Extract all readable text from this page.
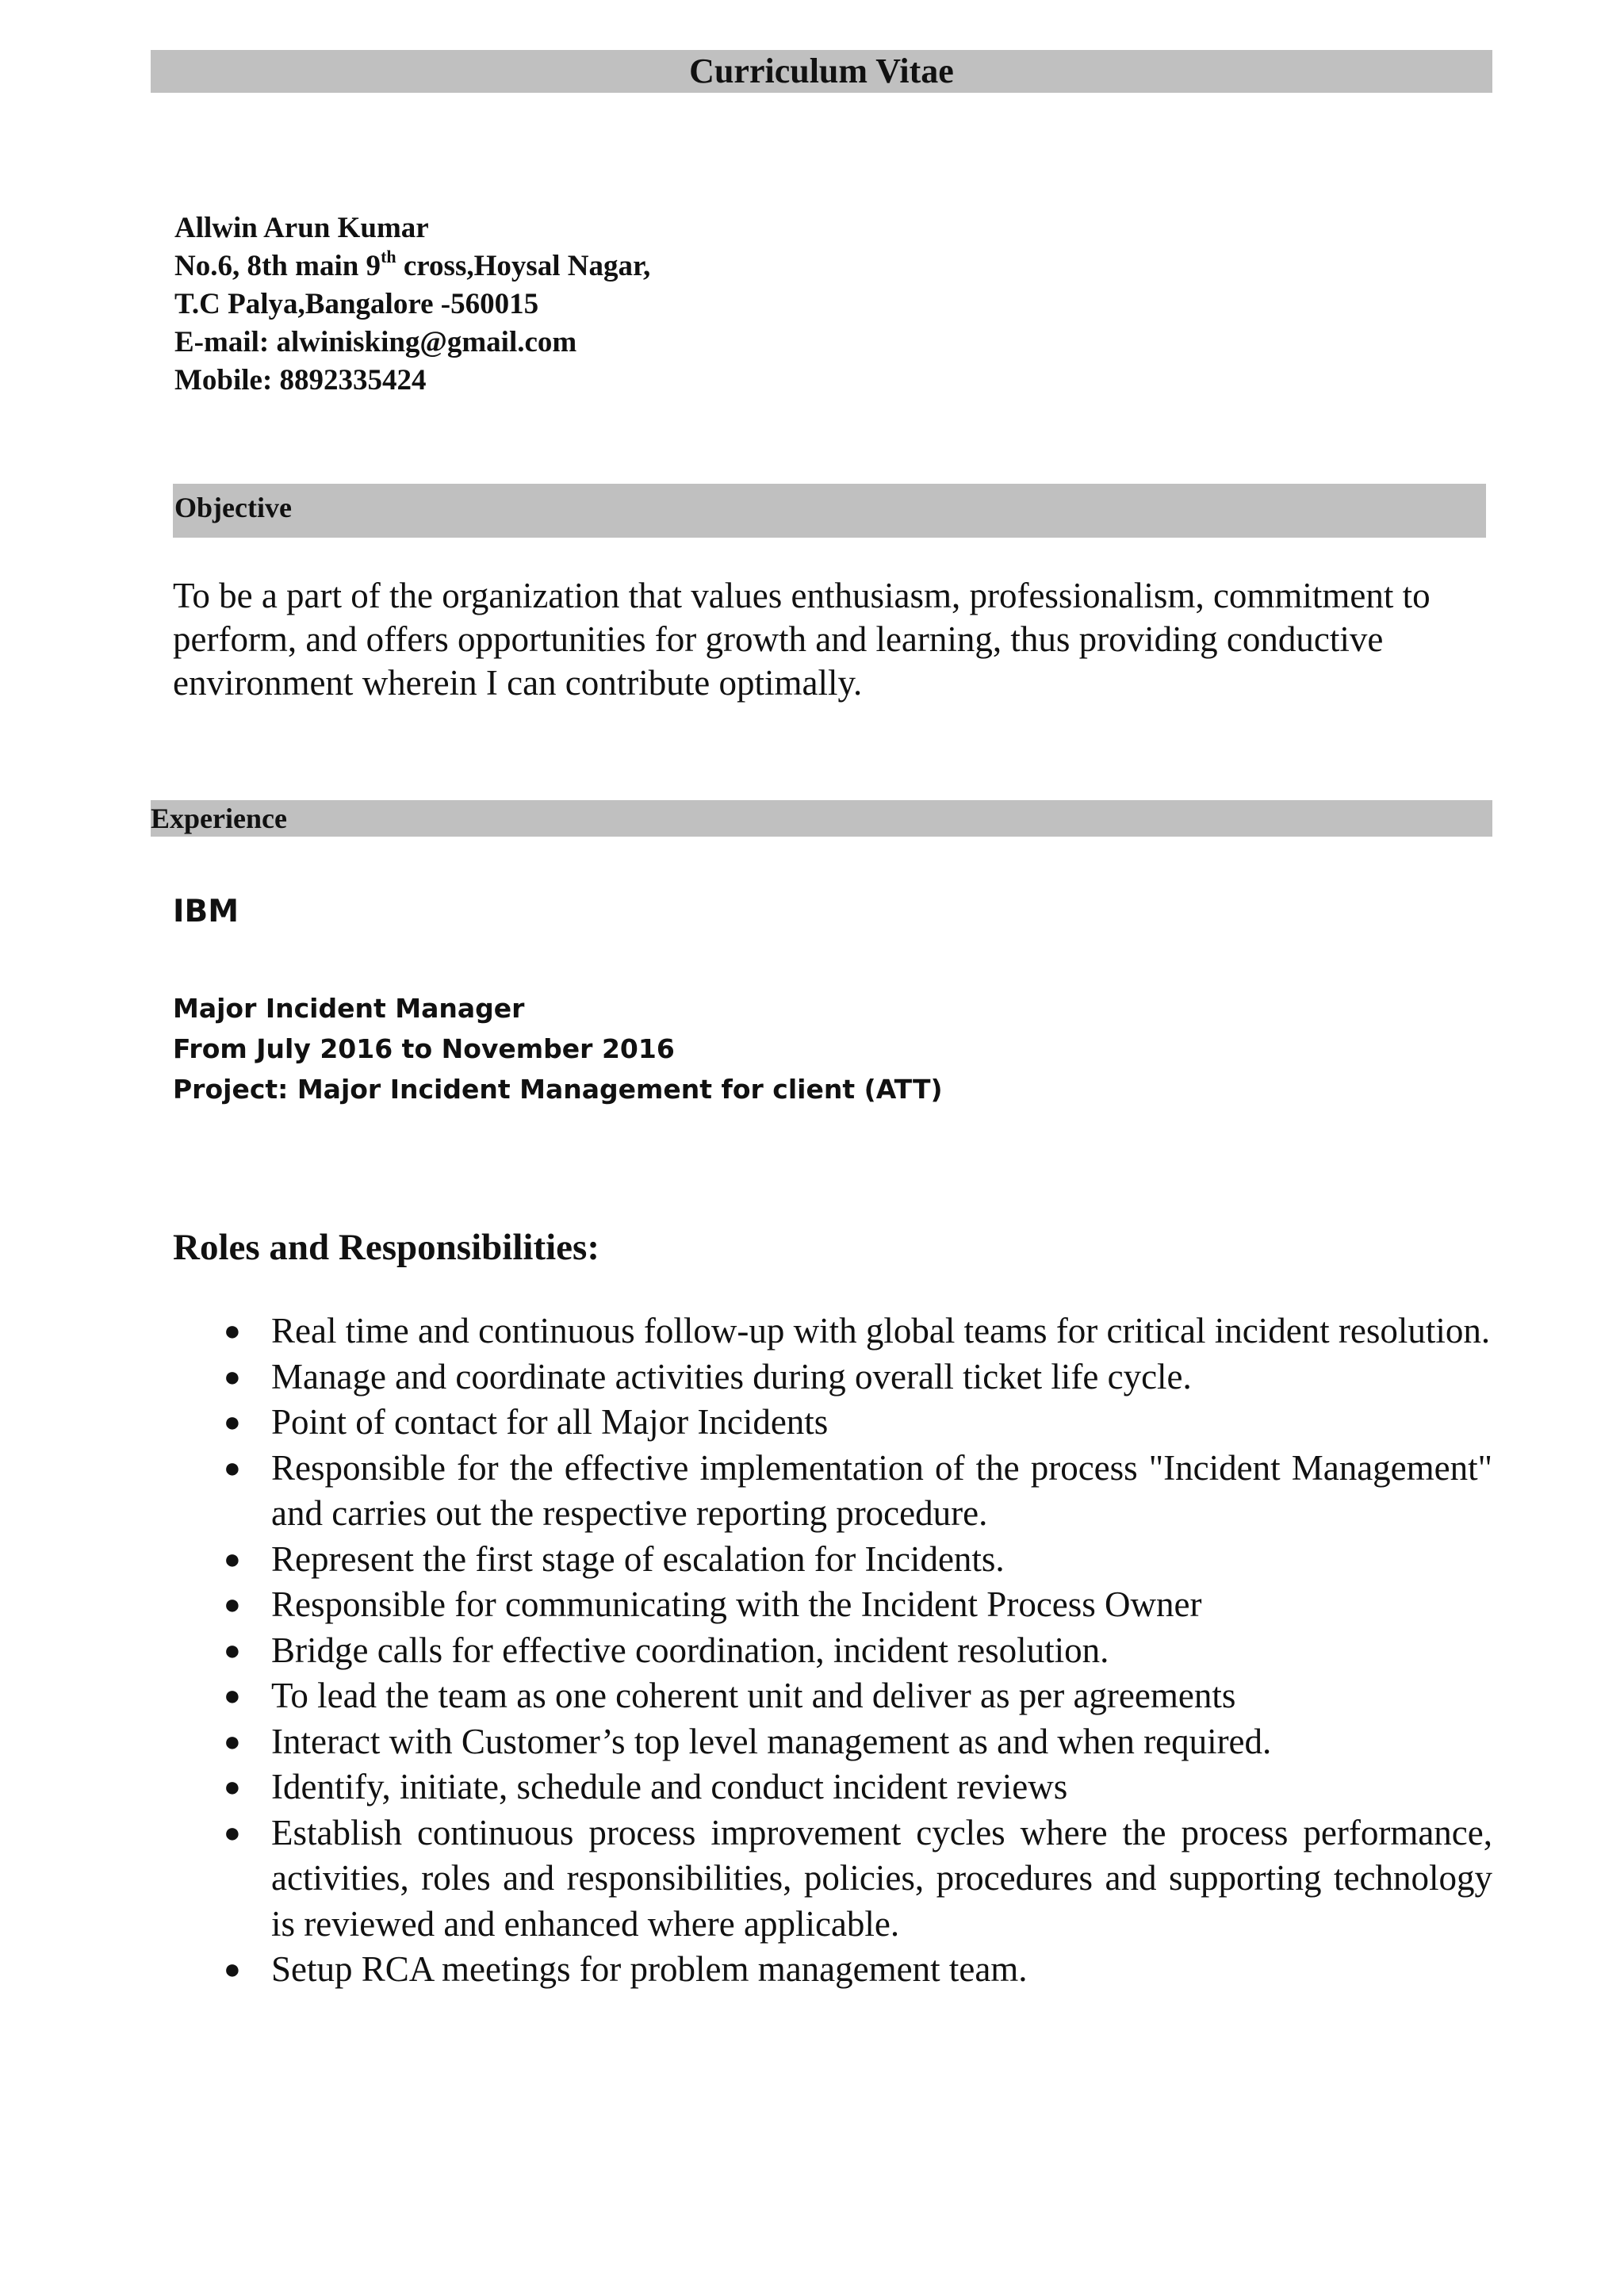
Curriculum Vitae
Allwin Arun Kumar
No.6, 8th main 9th cross,Hoysal Nagar,
T.C Palya,Bangalore -560015
E-mail: alwinisking@gmail.com
Mobile: 8892335424
Objective
To be a part of the organization that values enthusiasm, professionalism, commitment to perform, and offers opportunities for growth and learning, thus providing conductive environment wherein I can contribute optimally.
Experience
IBM
Major Incident Manager
From July 2016 to November 2016
Project: Major Incident Management for client (ATT)
Roles and Responsibilities:
● Real time and continuous follow-up with global teams for critical incident resolution.
● Manage and coordinate activities during overall ticket life cycle.
● Point of contact for all Major Incidents
● Responsible for the effective implementation of the process "Incident Management" and carries out the respective reporting procedure.
● Represent the first stage of escalation for Incidents.
● Responsible for communicating with the Incident Process Owner
● Bridge calls for effective coordination, incident resolution.
● To lead the team as one coherent unit and deliver as per agreements
● Interact with Customer’s top level management as and when required.
● Identify, initiate, schedule and conduct incident reviews
● Establish continuous process improvement cycles where the process performance, activities, roles and responsibilities, policies, procedures and supporting technology is reviewed and enhanced where applicable.
● Setup RCA meetings for problem management team.
